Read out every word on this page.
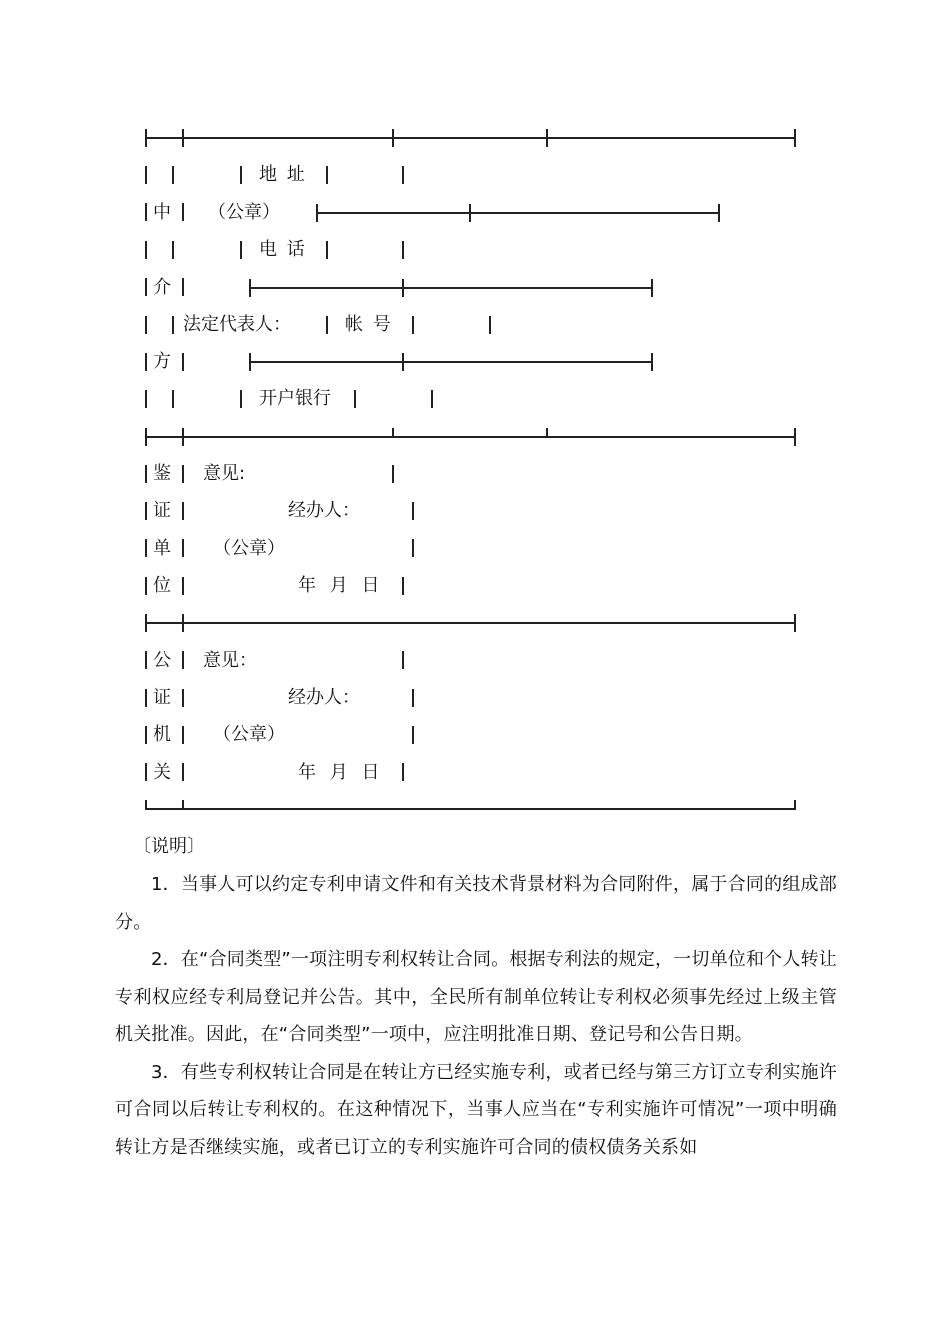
中
介
方
（公章）
地 址
电 话
法定代表人：	帐 号
开户银行
鉴
证
单
位
意见:
经办人：
（公章）
年 月 日
公
证
机
关
意见：
经办人：
（公章）
年 月 日
〔说明〕

1．当事人可以约定专利申请文件和有关技术背景材料为合同附件，属于合同的组成部分。

2．在“合同类型”一项注明专利权转让合同。根据专利法的规定，一切单位和个人转让专利权应经专利局登记并公告。其中，全民所有制单位转让专利权必须事先经过上级主管机关批准。因此，在“合同类型”一项中，应注明批准日期、登记号和公告日期。

3．有些专利权转让合同是在转让方已经实施专利，或者已经与第三方订立专利实施许可合同以后转让专利权的。在这种情况下，当事人应当在“专利实施许可情况”一项中明确转让方是否继续实施，或者已订立的专利实施许可合同的债权债务关系如
